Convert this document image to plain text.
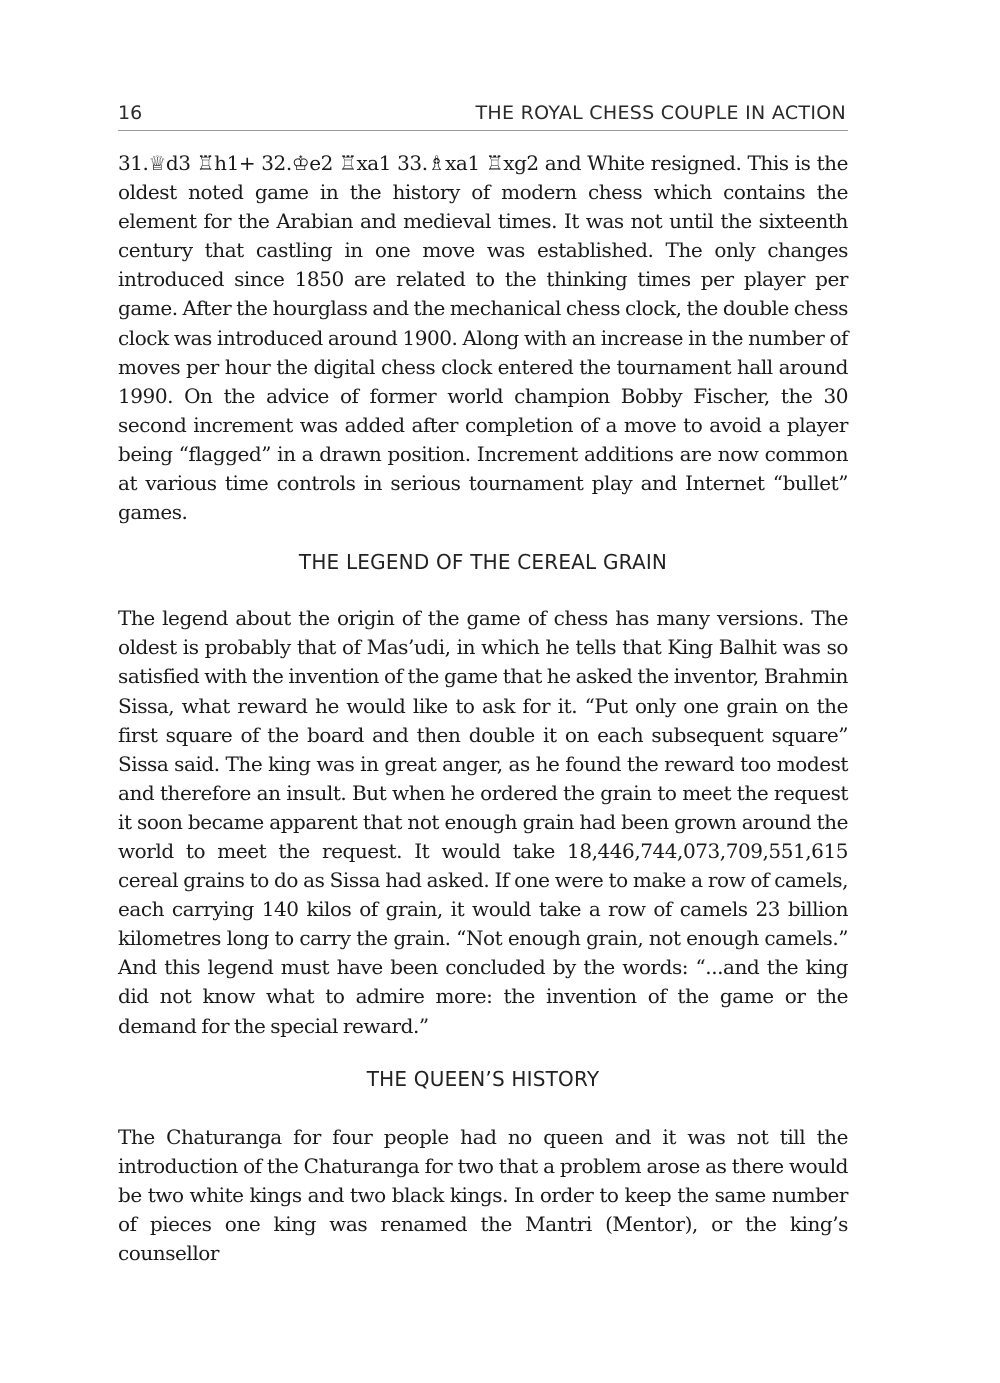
16	THE ROYAL CHESS COUPLE IN ACTION

31.♕d3 ♖h1+ 32.♔e2 ♖xa1 33.♗xa1 ♖xg2 and White resigned. This is the oldest noted game in the history of modern chess which contains the element for the Arabian and medieval times. It was not until the sixteenth century that castling in one move was established. The only changes introduced since 1850 are related to the thinking times per player per game. After the hourglass and the mechanical chess clock, the double chess clock was introduced around 1900. Along with an increase in the number of moves per hour the digital chess clock entered the tournament hall around 1990. On the advice of former world champion Bobby Fischer, the 30 second increment was added after completion of a move to avoid a player being “flagged” in a drawn position. Increment additions are now common at various time controls in serious tournament play and Internet “bullet” games.

THE LEGEND OF THE CEREAL GRAIN

The legend about the origin of the game of chess has many versions. The oldest is probably that of Mas’udi, in which he tells that King Balhit was so satisfied with the invention of the game that he asked the inventor, Brahmin Sissa, what reward he would like to ask for it. “Put only one grain on the first square of the board and then double it on each subsequent square” Sissa said. The king was in great anger, as he found the reward too modest and therefore an insult. But when he ordered the grain to meet the request it soon became apparent that not enough grain had been grown around the world to meet the request. It would take 18,446,744,073,709,551,615 cereal grains to do as Sissa had asked. If one were to make a row of camels, each carrying 140 kilos of grain, it would take a row of camels 23 billion kilometres long to carry the grain. “Not enough grain, not enough camels.” And this legend must have been concluded by the words: “...and the king did not know what to admire more: the invention of the game or the demand for the special reward.”

THE QUEEN’S HISTORY

The Chaturanga for four people had no queen and it was not till the introduction of the Chaturanga for two that a problem arose as there would be two white kings and two black kings. In order to keep the same number of pieces one king was renamed the Mantri (Mentor), or the king’s counsellor
